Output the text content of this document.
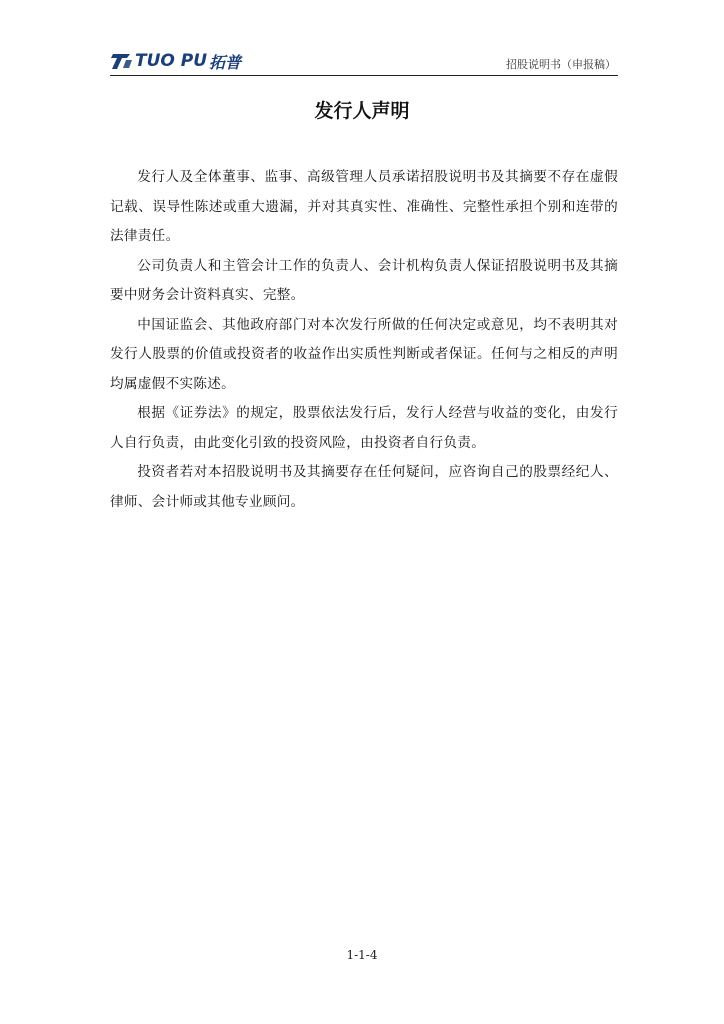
TUO PU 拓普	招股说明书（申报稿）
发行人声明

发行人及全体董事、监事、高级管理人员承诺招股说明书及其摘要不存在虚假记载、误导性陈述或重大遗漏，并对其真实性、准确性、完整性承担个别和连带的法律责任。

公司负责人和主管会计工作的负责人、会计机构负责人保证招股说明书及其摘要中财务会计资料真实、完整。

中国证监会、其他政府部门对本次发行所做的任何决定或意见，均不表明其对发行人股票的价值或投资者的收益作出实质性判断或者保证。任何与之相反的声明均属虚假不实陈述。

根据《证券法》的规定，股票依法发行后，发行人经营与收益的变化，由发行人自行负责，由此变化引致的投资风险，由投资者自行负责。

投资者若对本招股说明书及其摘要存在任何疑问，应咨询自己的股票经纪人、律师、会计师或其他专业顾问。

1-1-4
